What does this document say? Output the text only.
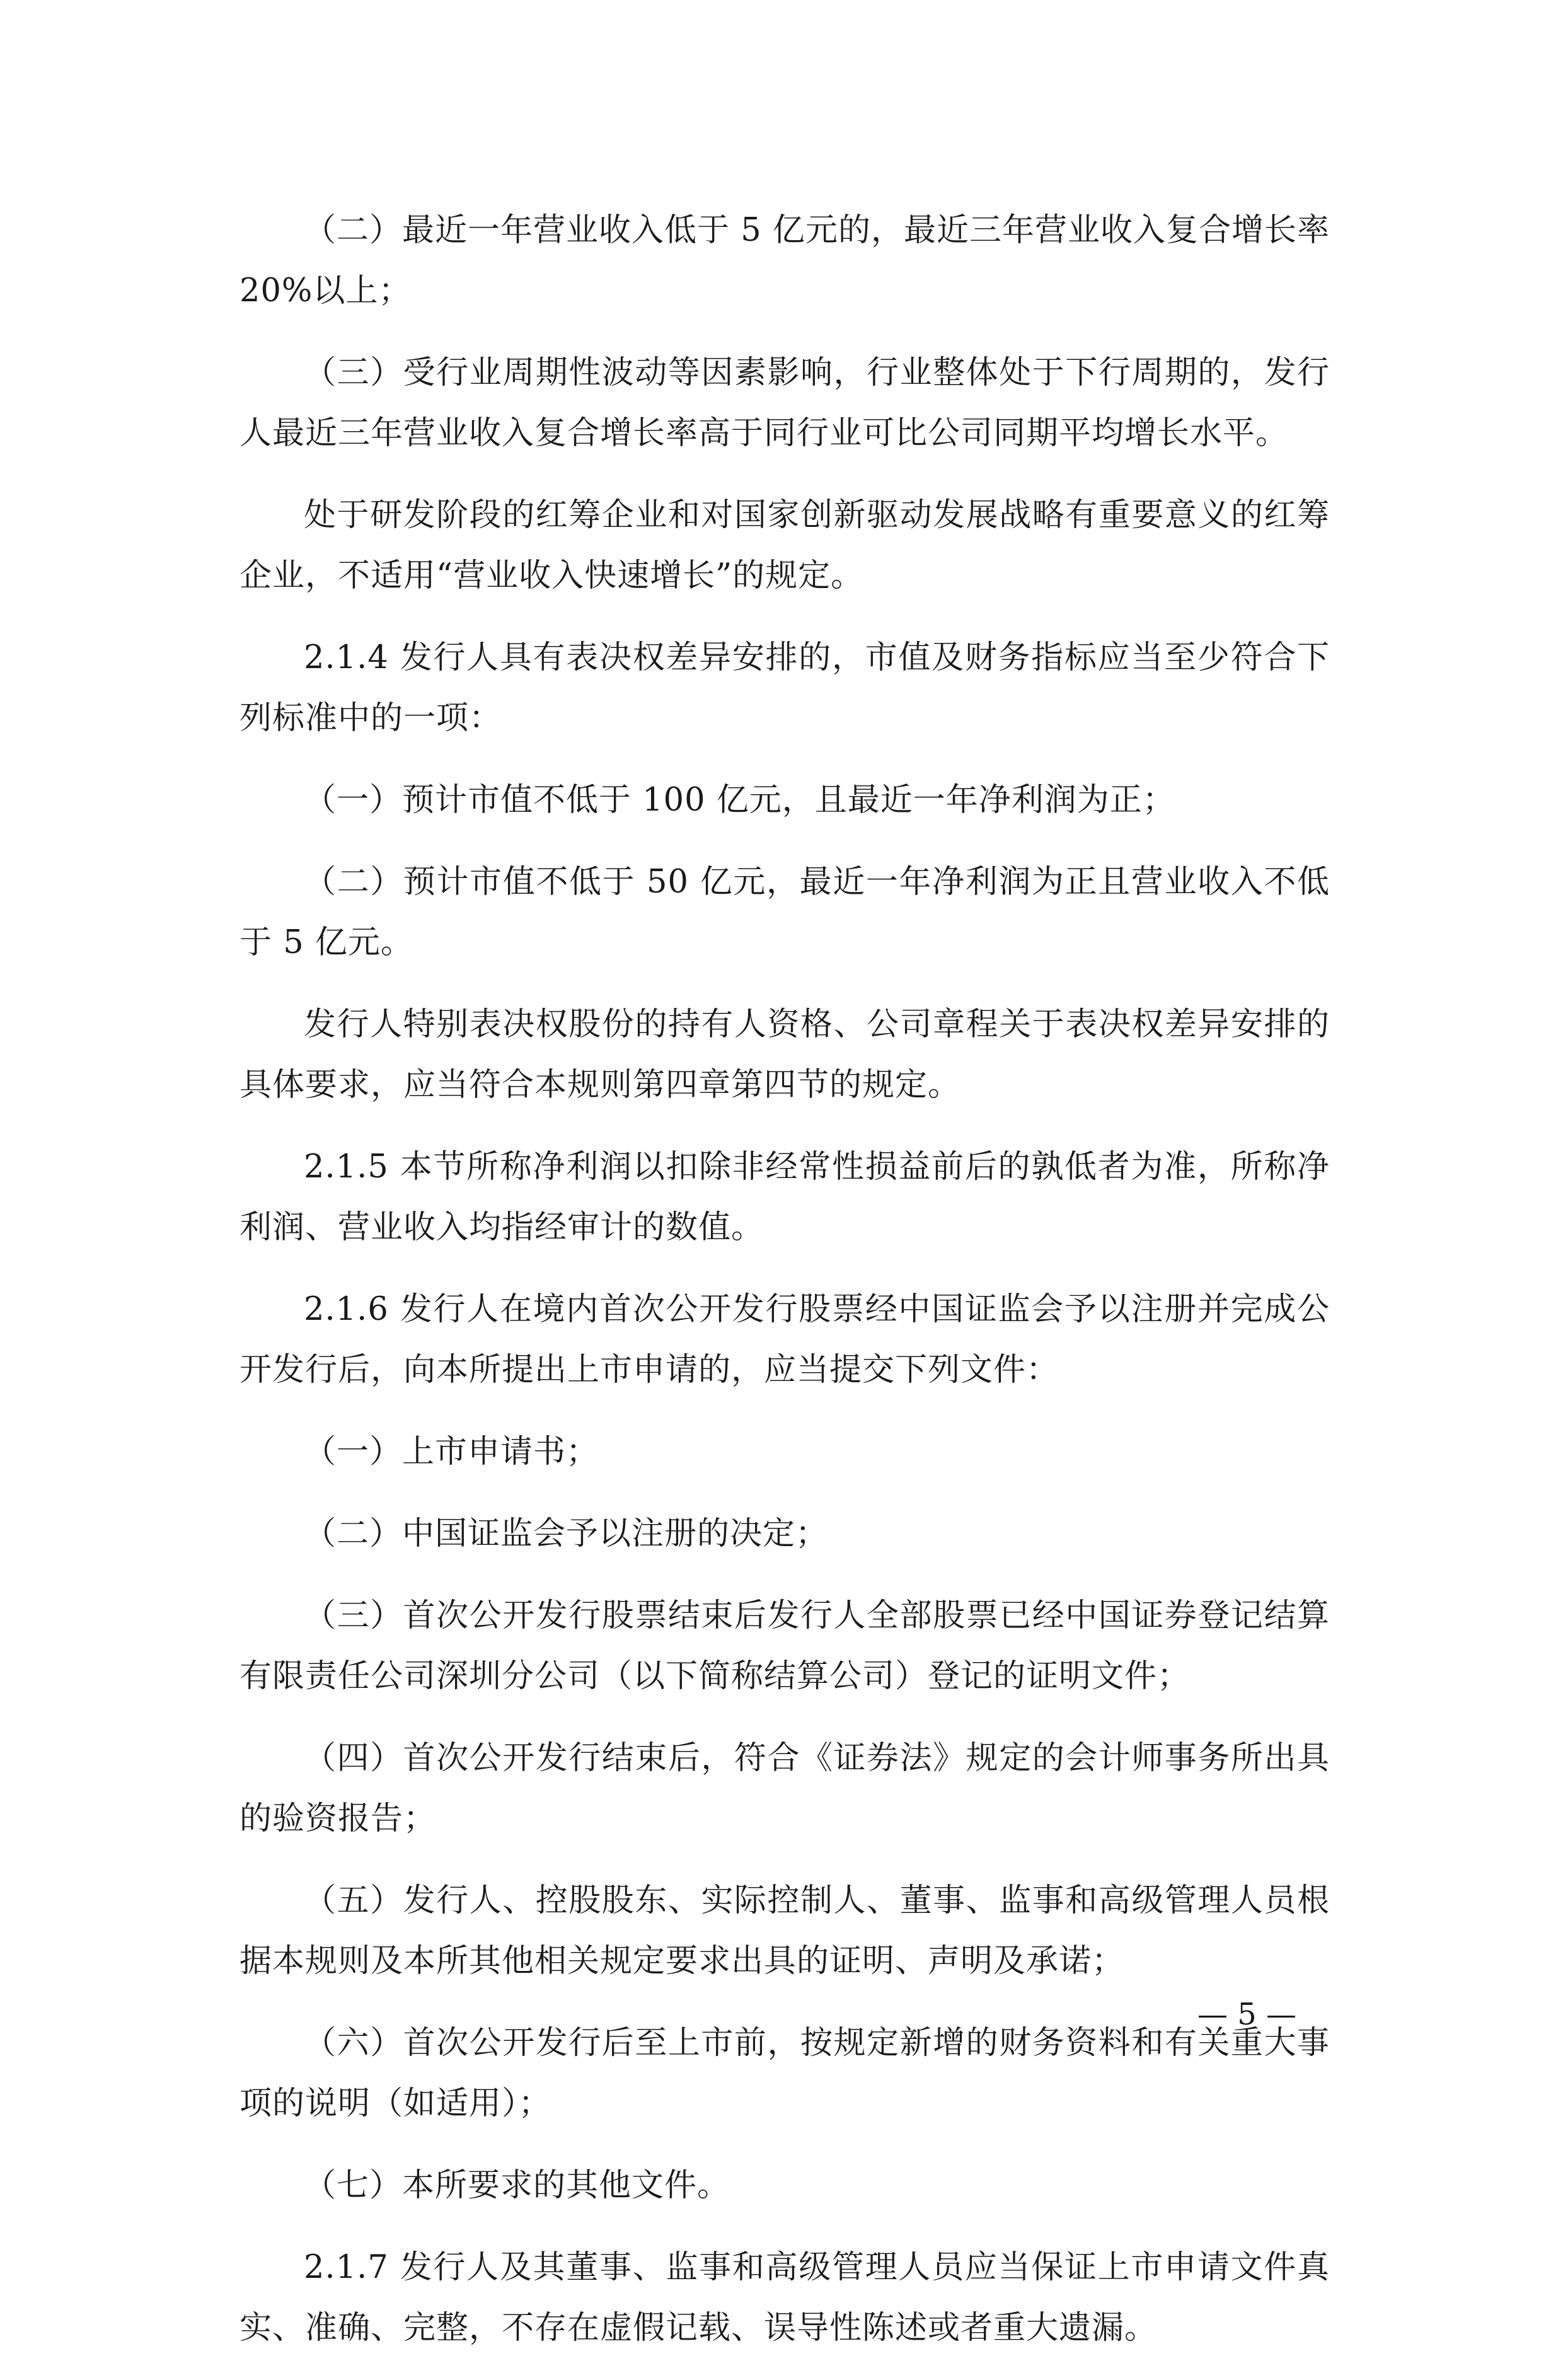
（二）最近一年营业收入低于 5 亿元的，最近三年营业收入复合增长率 20%以上；

（三）受行业周期性波动等因素影响，行业整体处于下行周期的，发行人最近三年营业收入复合增长率高于同行业可比公司同期平均增长水平。

处于研发阶段的红筹企业和对国家创新驱动发展战略有重要意义的红筹企业，不适用“营业收入快速增长”的规定。

2.1.4 发行人具有表决权差异安排的，市值及财务指标应当至少符合下列标准中的一项：

（一）预计市值不低于 100 亿元，且最近一年净利润为正；

（二）预计市值不低于 50 亿元，最近一年净利润为正且营业收入不低于 5 亿元。

发行人特别表决权股份的持有人资格、公司章程关于表决权差异安排的具体要求，应当符合本规则第四章第四节的规定。

2.1.5 本节所称净利润以扣除非经常性损益前后的孰低者为准，所称净利润、营业收入均指经审计的数值。

2.1.6 发行人在境内首次公开发行股票经中国证监会予以注册并完成公开发行后，向本所提出上市申请的，应当提交下列文件：

（一）上市申请书；

（二）中国证监会予以注册的决定；

（三）首次公开发行股票结束后发行人全部股票已经中国证券登记结算有限责任公司深圳分公司（以下简称结算公司）登记的证明文件；

（四）首次公开发行结束后，符合《证券法》规定的会计师事务所出具的验资报告；

（五）发行人、控股股东、实际控制人、董事、监事和高级管理人员根据本规则及本所其他相关规定要求出具的证明、声明及承诺；

（六）首次公开发行后至上市前，按规定新增的财务资料和有关重大事项的说明（如适用）；

（七）本所要求的其他文件。

2.1.7 发行人及其董事、监事和高级管理人员应当保证上市申请文件真实、准确、完整，不存在虚假记载、误导性陈述或者重大遗漏。

— 5 —
